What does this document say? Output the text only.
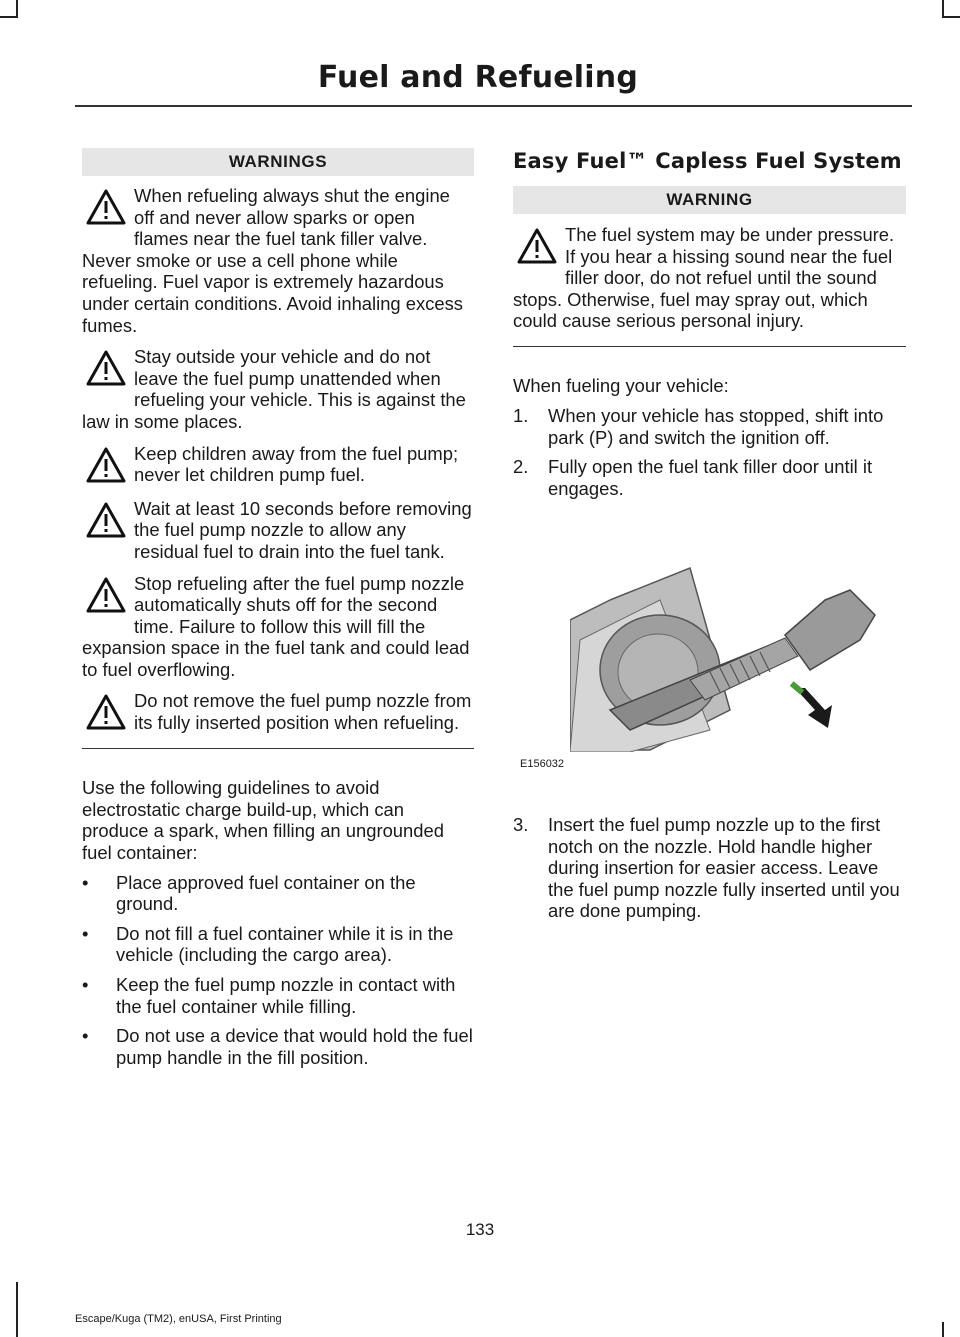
Fuel and Refueling
WARNINGS

When refueling always shut the engine off and never allow sparks or open flames near the fuel tank filler valve. Never smoke or use a cell phone while refueling. Fuel vapor is extremely hazardous under certain conditions. Avoid inhaling excess fumes.

Stay outside your vehicle and do not leave the fuel pump unattended when refueling your vehicle. This is against the law in some places.

Keep children away from the fuel pump; never let children pump fuel.

Wait at least 10 seconds before removing the fuel pump nozzle to allow any residual fuel to drain into the fuel tank.

Stop refueling after the fuel pump nozzle automatically shuts off for the second time. Failure to follow this will fill the expansion space in the fuel tank and could lead to fuel overflowing.

Do not remove the fuel pump nozzle from its fully inserted position when refueling.

Use the following guidelines to avoid electrostatic charge build-up, which can produce a spark, when filling an ungrounded fuel container:

• Place approved fuel container on the ground.
• Do not fill a fuel container while it is in the vehicle (including the cargo area).
• Keep the fuel pump nozzle in contact with the fuel container while filling.
• Do not use a device that would hold the fuel pump handle in the fill position.
Easy Fuel™ Capless Fuel System
WARNING

The fuel system may be under pressure. If you hear a hissing sound near the fuel filler door, do not refuel until the sound stops. Otherwise, fuel may spray out, which could cause serious personal injury.

When fueling your vehicle:

1. When your vehicle has stopped, shift into park (P) and switch the ignition off.
2. Fully open the fuel tank filler door until it engages.
E156032
3. Insert the fuel pump nozzle up to the first notch on the nozzle. Hold handle higher during insertion for easier access. Leave the fuel pump nozzle fully inserted until you are done pumping.
133
Escape/Kuga (TM2), enUSA, First Printing
